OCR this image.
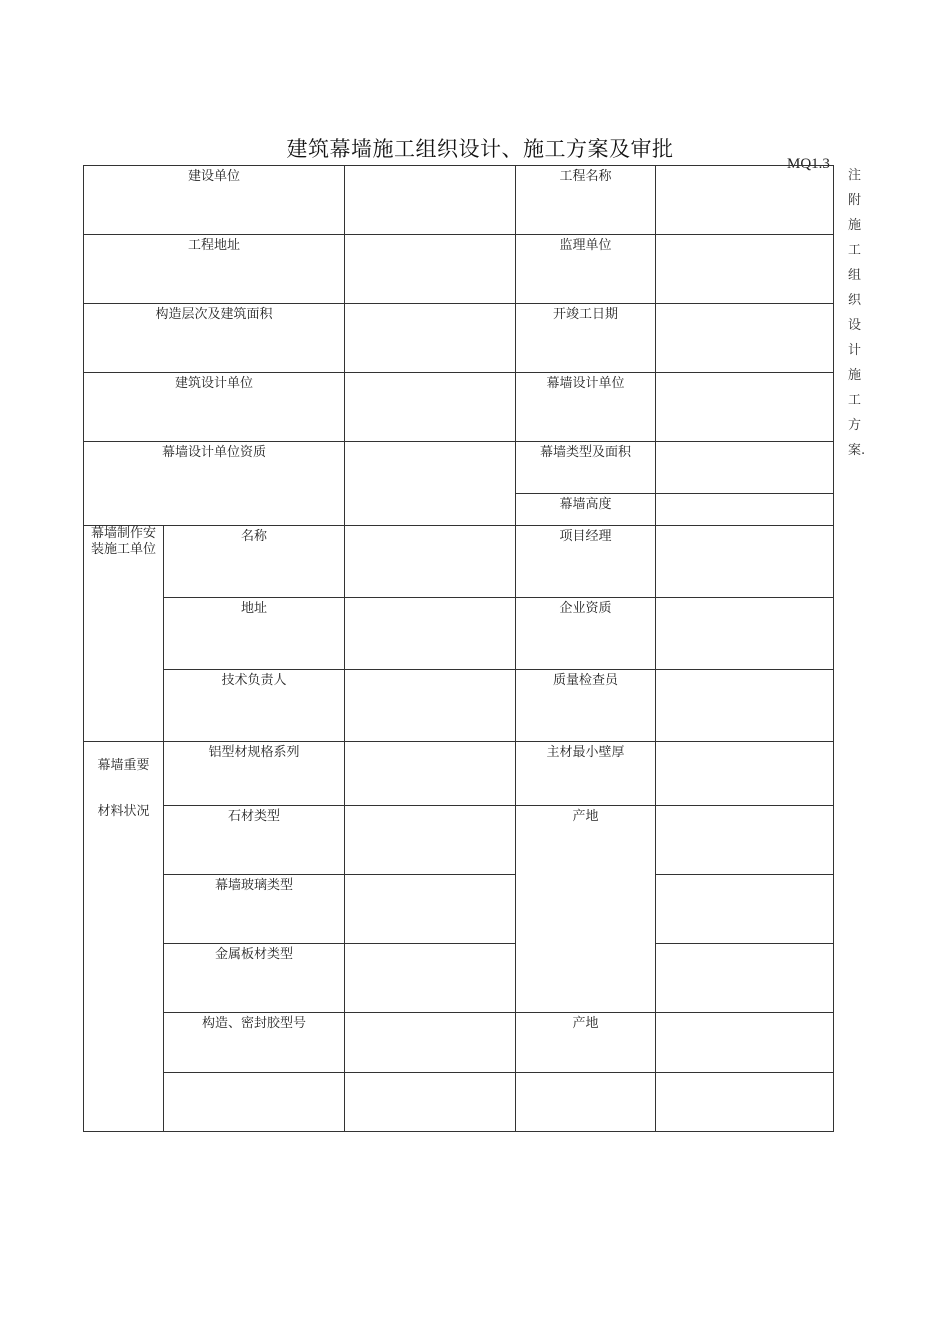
建筑幕墙施工组织设计、施工方案及审批
MQ1.3
注
附
施
工
组
织
设
计
施
工
方
案.
建设单位			工程名称	

工程地址			监理单位	

构造层次及建筑面积			开竣工日期	

建筑设计单位			幕墙设计单位	

幕墙设计单位资质			幕墙类型及面积	

			幕墙高度	

幕墙制作安装施工单位	名称		项目经理	

	地址		企业资质	

	技术负责人		质量检查员	

幕墙重要
材料状况	铝型材规格系列		主材最小壁厚	

	石材类型		产地	

	幕墙玻璃类型			

	金属板材类型			

	构造、密封胶型号		产地	
